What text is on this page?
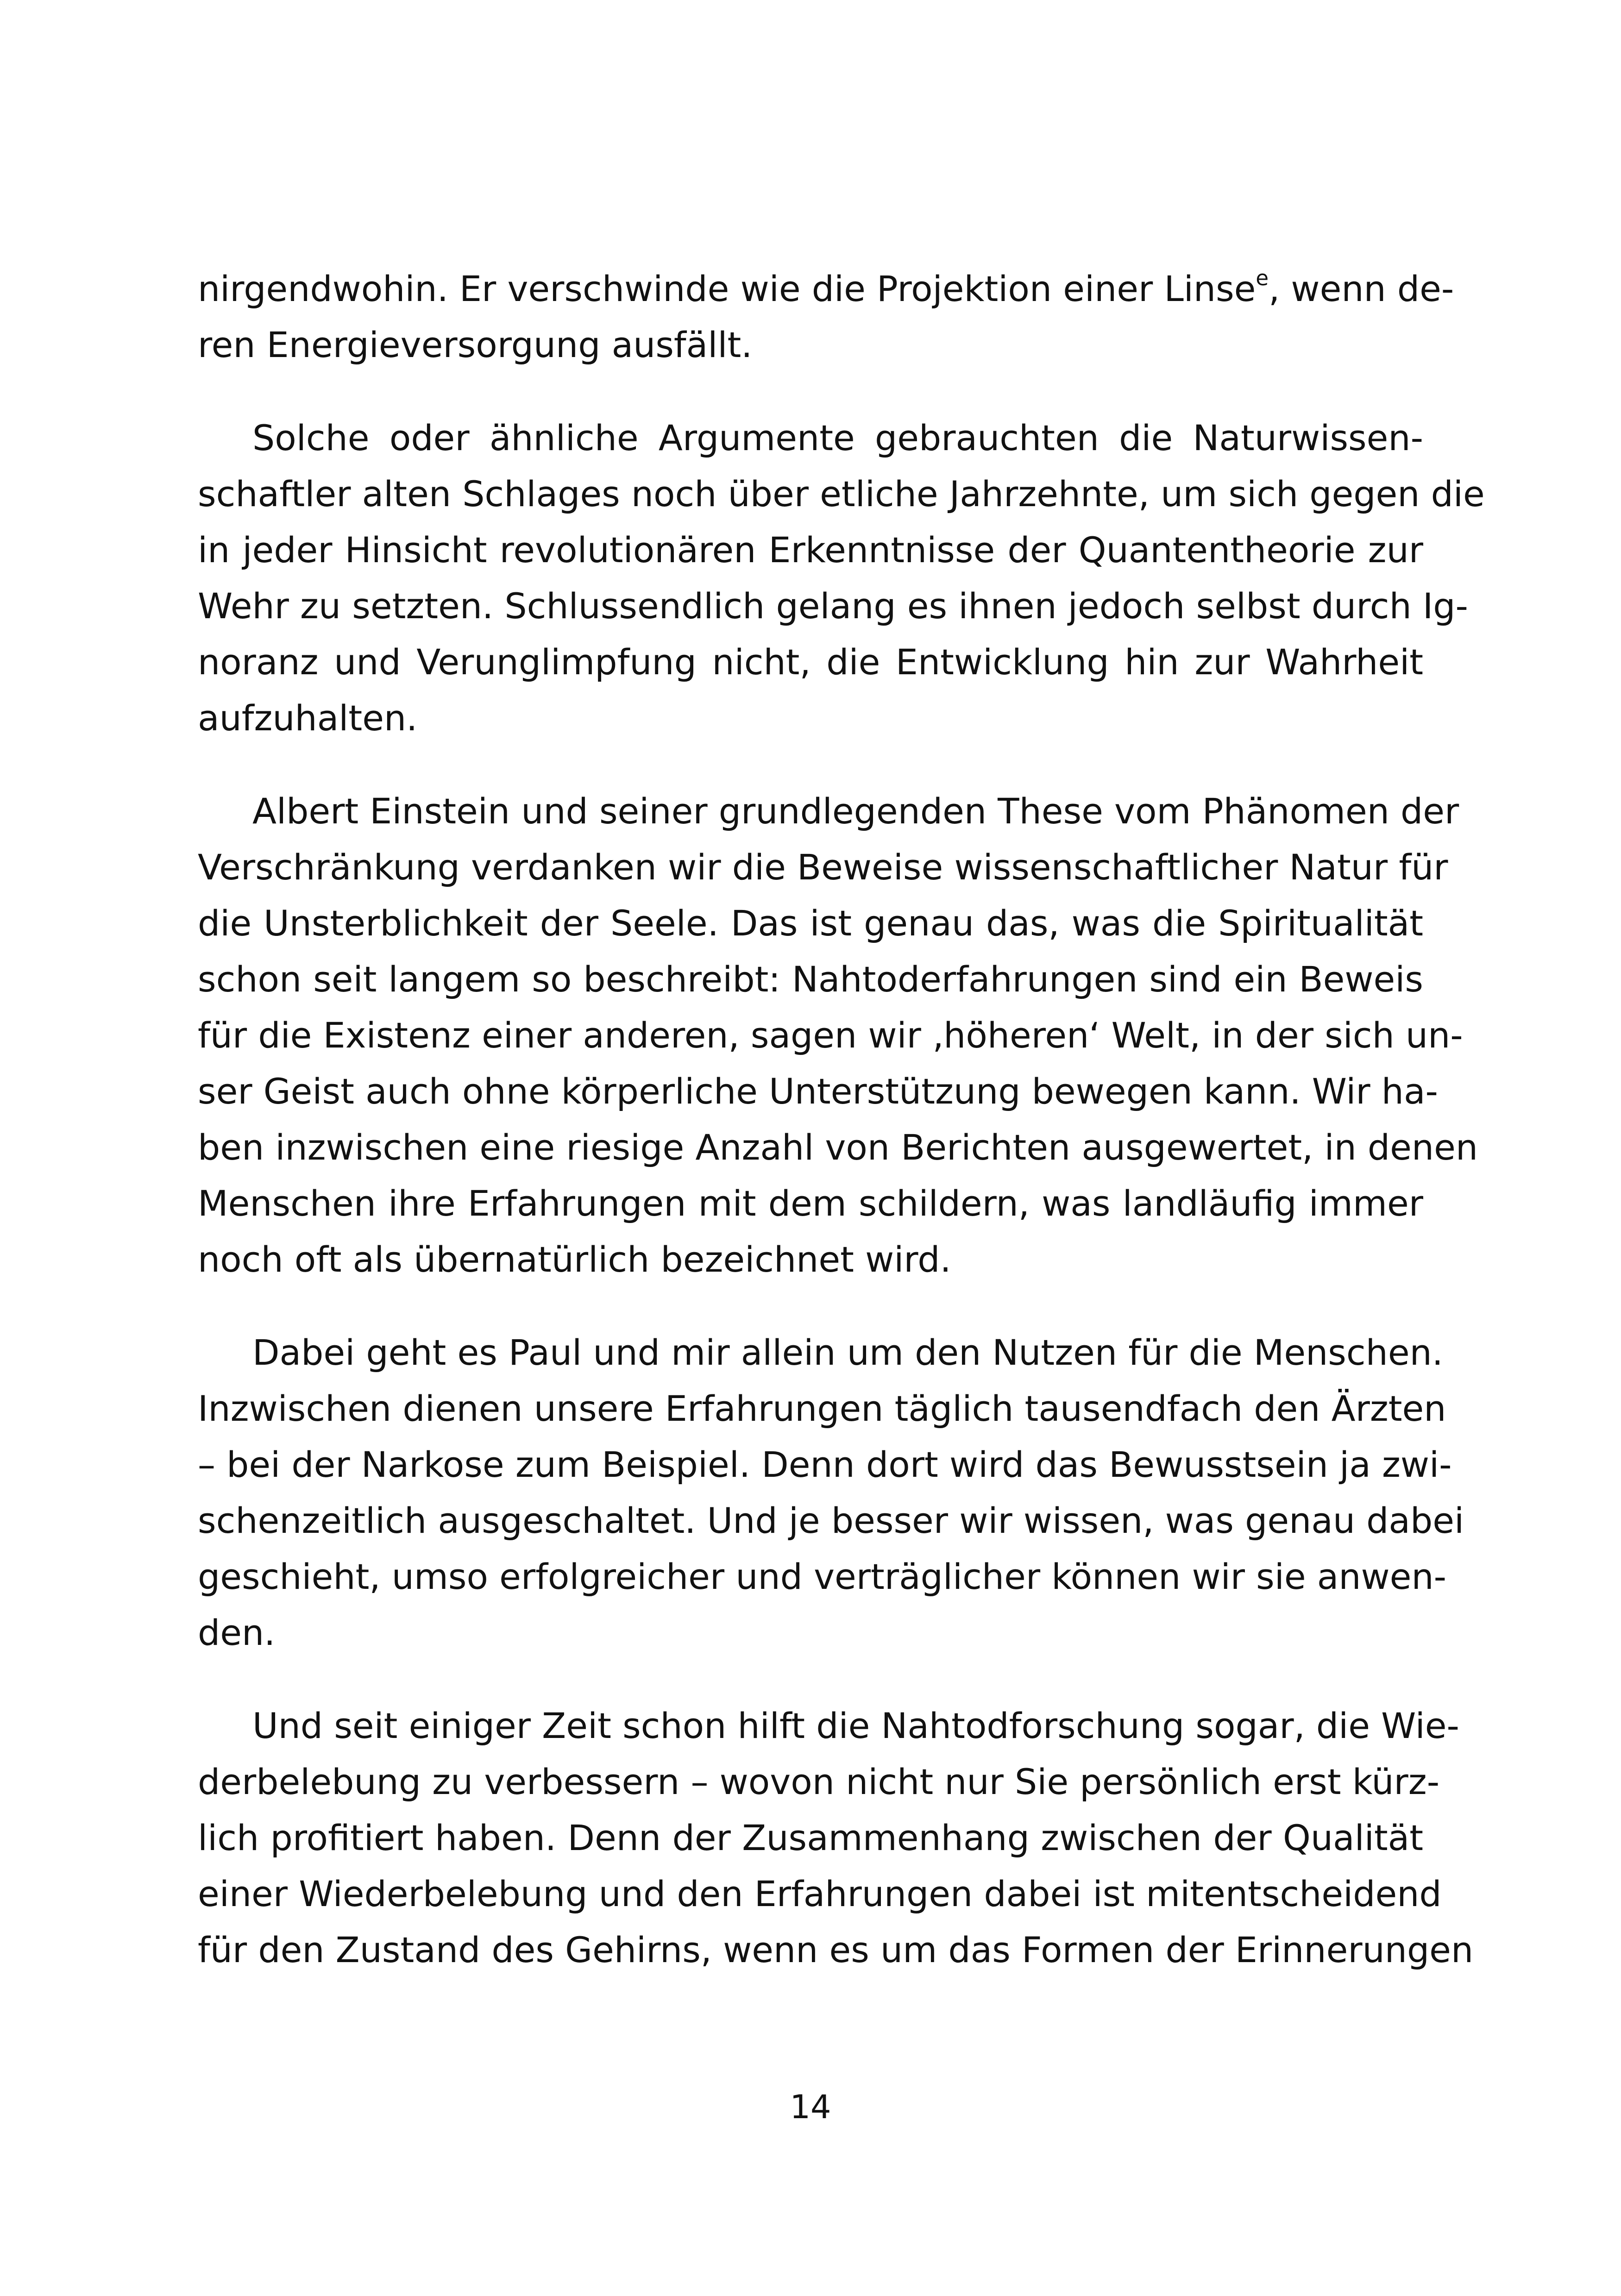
nirgendwohin. Er verschwinde wie die Projektion einer Linse$^e$, wenn de-
ren Energieversorgung ausfällt.
Solche oder ähnliche Argumente gebrauchten die Naturwissen-
schaftler alten Schlages noch über etliche Jahrzehnte, um sich gegen die
in jeder Hinsicht revolutionären Erkenntnisse der Quantentheorie zur
Wehr zu setzten. Schlussendlich gelang es ihnen jedoch selbst durch Ig-
noranz und Verunglimpfung nicht, die Entwicklung hin zur Wahrheit
aufzuhalten.
Albert Einstein und seiner grundlegenden These vom Phänomen der
Verschränkung verdanken wir die Beweise wissenschaftlicher Natur für
die Unsterblichkeit der Seele. Das ist genau das, was die Spiritualität
schon seit langem so beschreibt: Nahtoderfahrungen sind ein Beweis
für die Existenz einer anderen, sagen wir ‚höheren‘ Welt, in der sich un-
ser Geist auch ohne körperliche Unterstützung bewegen kann. Wir ha-
ben inzwischen eine riesige Anzahl von Berichten ausgewertet, in denen
Menschen ihre Erfahrungen mit dem schildern, was landläufig immer
noch oft als übernatürlich bezeichnet wird.
Dabei geht es Paul und mir allein um den Nutzen für die Menschen.
Inzwischen dienen unsere Erfahrungen täglich tausendfach den Ärzten
– bei der Narkose zum Beispiel. Denn dort wird das Bewusstsein ja zwi-
schenzeitlich ausgeschaltet. Und je besser wir wissen, was genau dabei
geschieht, umso erfolgreicher und verträglicher können wir sie anwen-
den.
Und seit einiger Zeit schon hilft die Nahtodforschung sogar, die Wie-
derbelebung zu verbessern – wovon nicht nur Sie persönlich erst kürz-
lich profitiert haben. Denn der Zusammenhang zwischen der Qualität
einer Wiederbelebung und den Erfahrungen dabei ist mitentscheidend
für den Zustand des Gehirns, wenn es um das Formen der Erinnerungen
14
